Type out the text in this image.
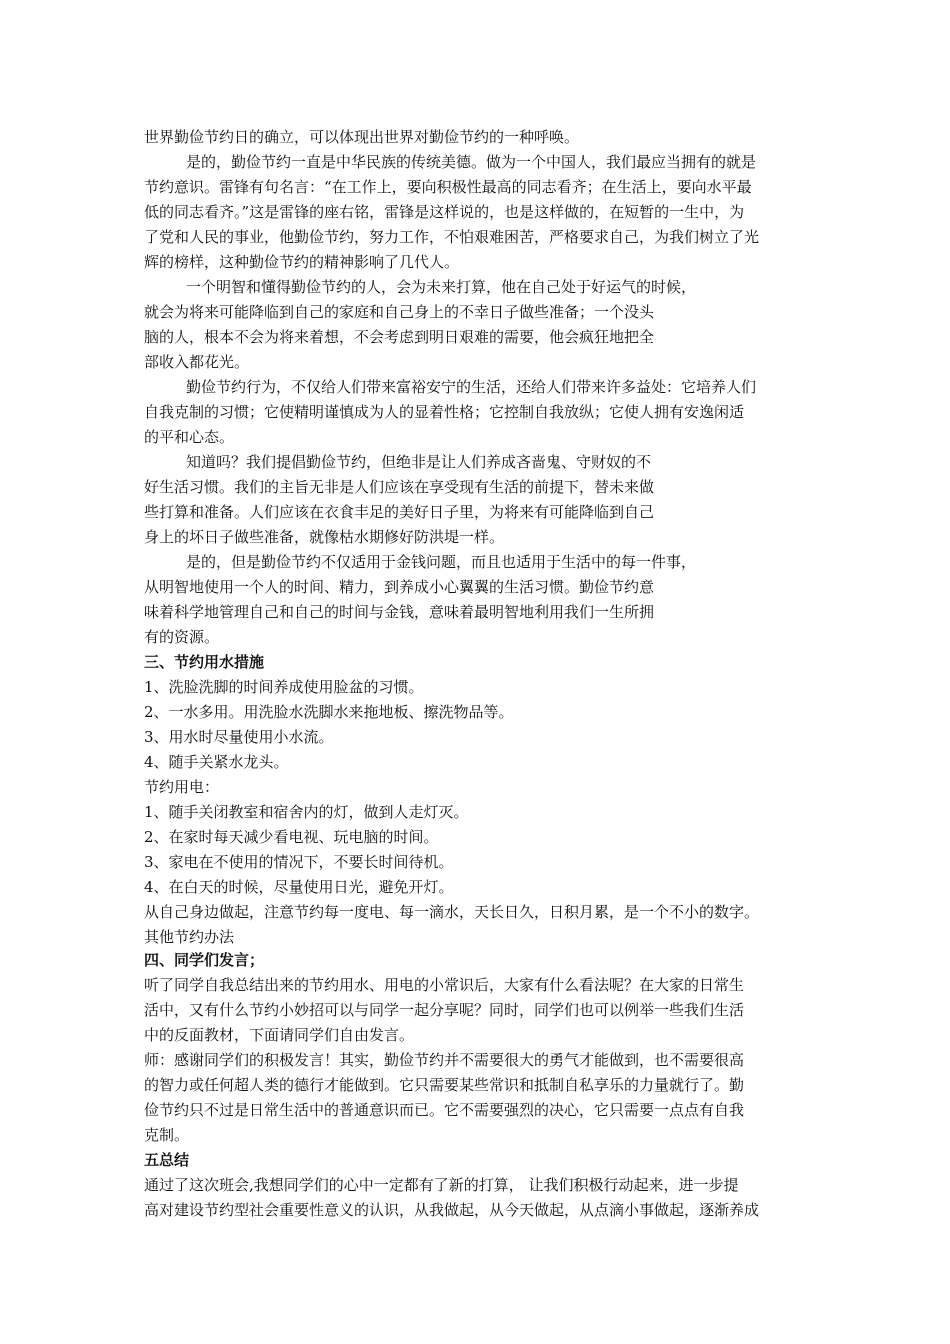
世界勤俭节约日的确立，可以体现出世界对勤俭节约的一种呼唤。
是的，勤俭节约一直是中华民族的传统美德。做为一个中国人，我们最应当拥有的就是
节约意识。雷锋有句名言：“在工作上，要向积极性最高的同志看齐；在生活上，要向水平最
低的同志看齐。”这是雷锋的座右铭，雷锋是这样说的，也是这样做的，在短暂的一生中，为
了党和人民的事业，他勤俭节约，努力工作，不怕艰难困苦，严格要求自己，为我们树立了光
辉的榜样，这种勤俭节约的精神影响了几代人。
一个明智和懂得勤俭节约的人，会为未来打算，他在自己处于好运气的时候，
就会为将来可能降临到自己的家庭和自己身上的不幸日子做些准备；一个没头
脑的人，根本不会为将来着想，不会考虑到明日艰难的需要，他会疯狂地把全
部收入都花光。
勤俭节约行为，不仅给人们带来富裕安宁的生活，还给人们带来许多益处：它培养人们
自我克制的习惯；它使精明谨慎成为人的显着性格；它控制自我放纵；它使人拥有安逸闲适
的平和心态。
知道吗？我们提倡勤俭节约，但绝非是让人们养成吝啬鬼、守财奴的不
好生活习惯。我们的主旨无非是人们应该在享受现有生活的前提下，替未来做
些打算和准备。人们应该在衣食丰足的美好日子里，为将来有可能降临到自己
身上的坏日子做些准备，就像枯水期修好防洪堤一样。
是的，但是勤俭节约不仅适用于金钱问题，而且也适用于生活中的每一件事，
从明智地使用一个人的时间、精力，到养成小心翼翼的生活习惯。勤俭节约意
味着科学地管理自己和自己的时间与金钱，意味着最明智地利用我们一生所拥
有的资源。
三、节约用水措施
1、洗脸洗脚的时间养成使用脸盆的习惯。
2、一水多用。用洗脸水洗脚水来拖地板、擦洗物品等。
3、用水时尽量使用小水流。
4、随手关紧水龙头。
节约用电：
1、随手关闭教室和宿舍内的灯，做到人走灯灭。
2、在家时每天减少看电视、玩电脑的时间。
3、家电在不使用的情况下，不要长时间待机。
4、在白天的时候，尽量使用日光，避免开灯。
从自己身边做起，注意节约每一度电、每一滴水，天长日久，日积月累，是一个不小的数字。
其他节约办法
四、同学们发言；
听了同学自我总结出来的节约用水、用电的小常识后，大家有什么看法呢？在大家的日常生
活中，又有什么节约小妙招可以与同学一起分享呢？同时，同学们也可以例举一些我们生活
中的反面教材，下面请同学们自由发言。
师：感谢同学们的积极发言！其实，勤俭节约并不需要很大的勇气才能做到，也不需要很高
的智力或任何超人类的德行才能做到。它只需要某些常识和抵制自私享乐的力量就行了。勤
俭节约只不过是日常生活中的普通意识而已。它不需要强烈的决心，它只需要一点点有自我
克制。
五总结
通过了这次班会,我想同学们的心中一定都有了新的打算， 让我们积极行动起来，进一步提
高对建设节约型社会重要性意义的认识，从我做起，从今天做起，从点滴小事做起，逐渐养成
